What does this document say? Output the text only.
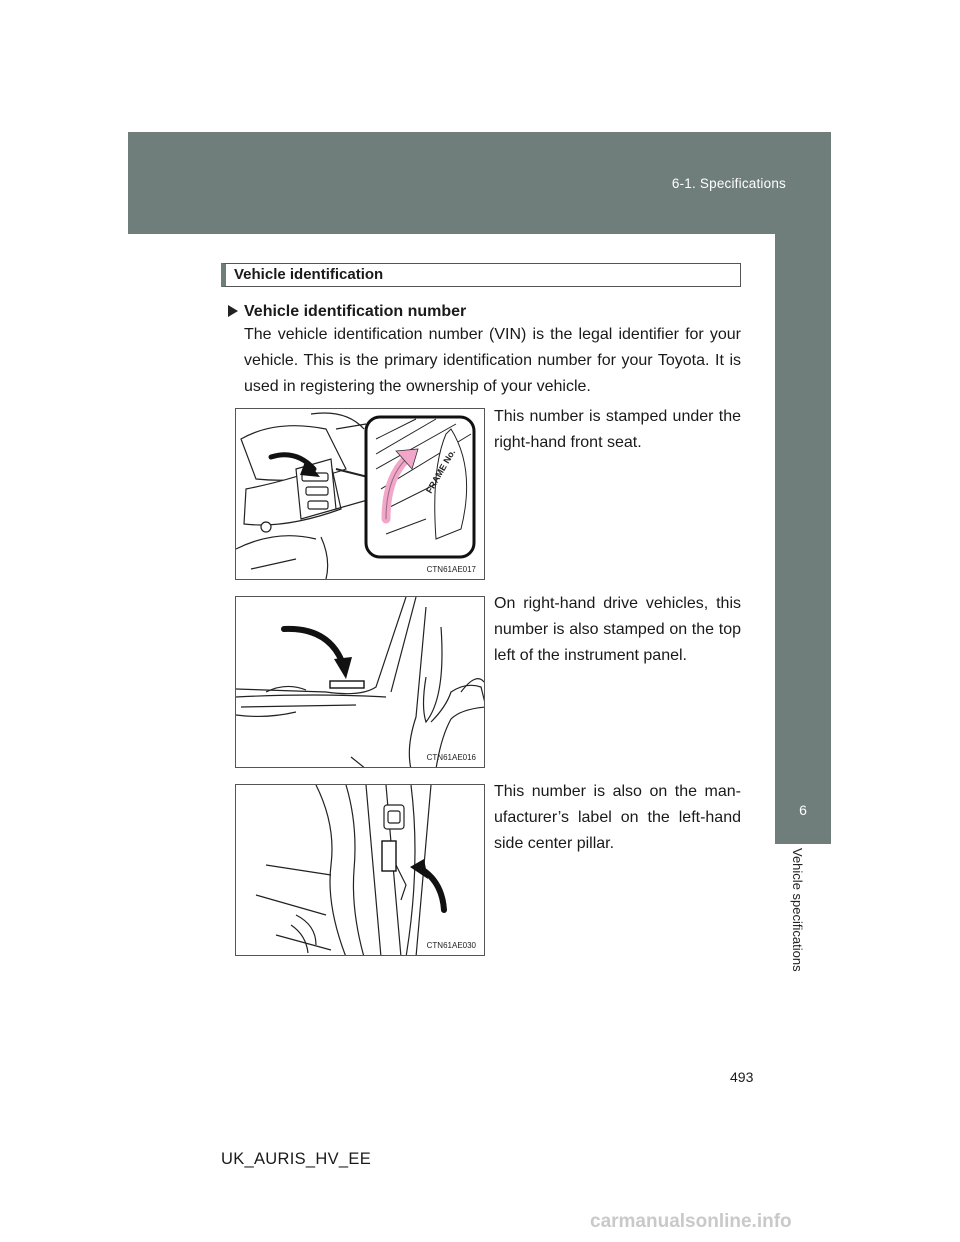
6-1. Specifications
6
Vehicle specifications
Vehicle identification
Vehicle identification number

The vehicle identification number (VIN) is the legal identifier for your vehicle. This is the primary identification number for your Toyota. It is used in registering the ownership of your vehicle.

FRAME No.
CTN61AE017

This number is stamped under the right-hand front seat.

CTN61AE016

On right-hand drive vehicles, this number is also stamped on the top left of the instrument panel.

CTN61AE030

This number is also on the man- ufacturer’s label on the left-hand side center pillar.

493
UK_AURIS_HV_EE
carmanualsonline.info
